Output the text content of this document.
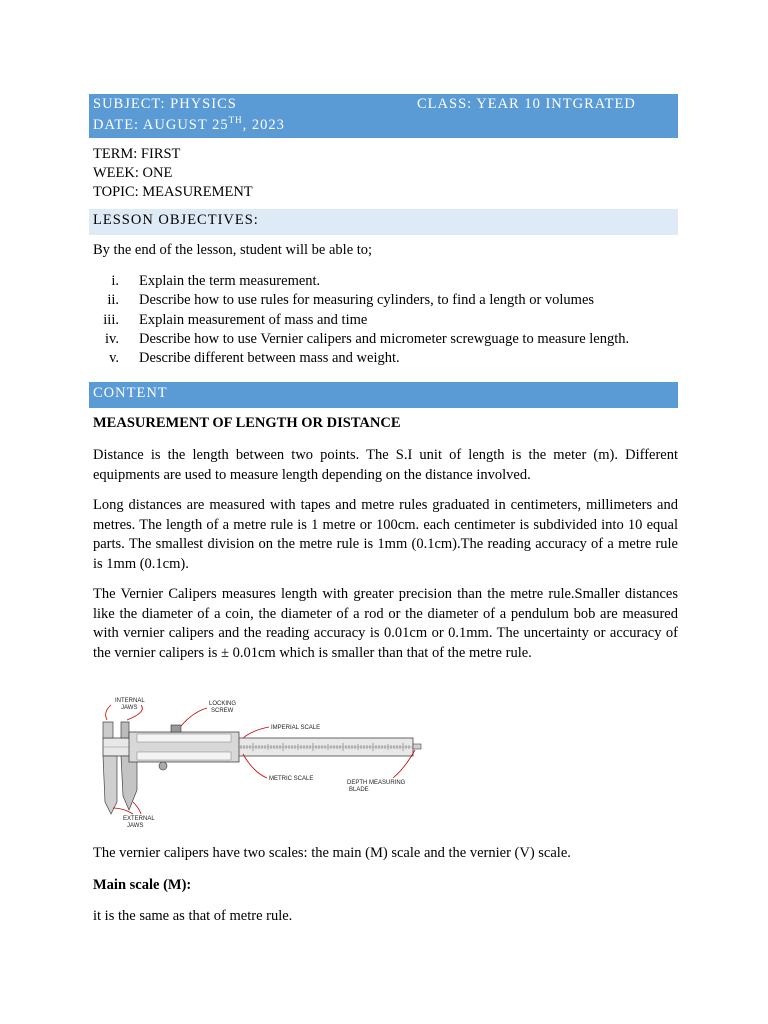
SUBJECT: PHYSICS	CLASS: YEAR 10 INTGRATED
DATE: AUGUST 25TH, 2023
TERM: FIRST
WEEK: ONE
TOPIC: MEASUREMENT
LESSON OBJECTIVES:
By the end of the lesson, student will be able to;
i. Explain the term measurement.
ii. Describe how to use rules for measuring cylinders, to find a length or volumes
iii. Explain measurement of mass and time
iv. Describe how to use Vernier calipers and micrometer screwguage to measure length.
v. Describe different between mass and weight.
CONTENT
MEASUREMENT OF LENGTH OR DISTANCE
Distance is the length between two points. The S.I unit of length is the meter (m). Different equipments are used to measure length depending on the distance involved.
Long distances are measured with tapes and metre rules graduated in centimeters, millimeters and metres. The length of a metre rule is 1 metre or 100cm. each centimeter is subdivided into 10 equal parts. The smallest division on the metre rule is 1mm (0.1cm).The reading accuracy of a metre rule is 1mm (0.1cm).
The Vernier Calipers measures length with greater precision than the metre rule.Smaller distances like the diameter of a coin, the diameter of a rod or the diameter of a pendulum bob are measured with vernier calipers and the reading accuracy is 0.01cm or 0.1mm. The uncertainty or accuracy of the vernier calipers is ± 0.01cm which is smaller than that of the metre rule.
INTERNAL
JAWS
LOCKING
SCREW
IMPERIAL SCALE
METRIC SCALE
DEPTH MEASURING
BLADE
EXTERNAL
JAWS
The vernier calipers have two scales: the main (M) scale and the vernier (V) scale.
Main scale (M):
it is the same as that of metre rule.
